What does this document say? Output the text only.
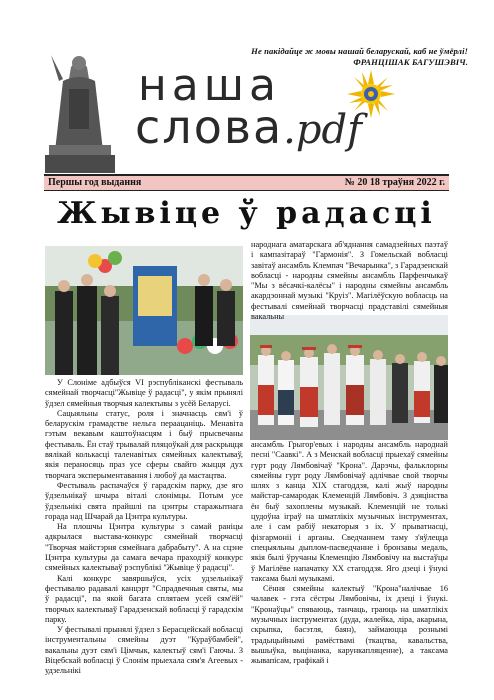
Не пакідайце ж мовы нашай беларускай, каб не ўмёрлі!
ФРАНЦІШАК БАГУШЭВІЧ.
наша
слова.pdf
Першы год выдання	№ 20 18 траўня 2022 г.
Жывіце ў радасці

У Слоніме адбыўся VI рэспубліканскі фестываль сямейнай творчасці"Жывіце ў радасці", у якім прынялі ўдзел сямейныя творчыя калектывы з усёй Беларусі.

Сацыяльны статус, роля і значнасць сям'і ў беларускім грамадстве нельга пераацаніць. Менавіта гэтым векавым каштоўнасцям і быў прысвечаны фестываль. Ён стаў трывалай пляцоўкай для раскрыцця вялікай колькасці таленавітых сямейных калектываў, якія пераносяць праз усе сферы свайго жыцця дух творчага эксперыментавання і любоў да мастацтва.

Фестываль распачаўся ў гарадскім парку, дзе яго ўдзельнікаў шчыра віталі слонімцы. Потым усе ўдзельнікі свята прайшлі па цэнтры старажытнага горада над Шчарай да Цэнтра культуры.

На плошчы Цэнтра культуры з самай раніцы адкрылася выстава-конкурс сямейнай творчасці "Творчая майстэрня сямейнага дабрабыту". А на сцэне Цэнтра культуры да самага вечара праходзіў конкурс сямейных калектываў рэспублікі "Жывіце ў радасці".

Калі конкурс завяршыўся, усіх удзельнікаў фестывалю радавалі канцэрт "Спрадвечныя святы, мы ў радасці", па якой багата сплятаем усей сям'ёй" творчых калектываў Гарадзенскай вобласці ў гарадскім парку.

У фестывалі прынялі ўдзел з Берасцейскай вобласці інструментальны сямейны дуэт "Кураўбамбей", вакальны дуэт сям'і Цімчык, калектыў сям'і Гаючы. З Віцебскай вобласці ў Слонім прыехала сям'я Агеевых - удзельнікі

народнага аматарскага аб'яднання самадзейных паэтаў і кампазітараў "Гармонія". З Гомельскай вобласці завітаў ансамбль Клемпач "Вечарынка", з Гарадзенскай вобласці - народны сямейны ансамбль Парфенчыкаў "Мы з вёсачкі-калёсы" і народны сямейны ансамбль акардэоннай музыкі "Круіз". Магілёўскую вобласць на фестывалі сямейнай творчасці прадставілі сямейныя вакальны

ансамбль Грыгор'евых і народны ансамбль народнай песні "Саавкі". А з Менскай вобласці прыехаў сямейны гурт роду Лямбовічаў "Крона". Дарэчы, фальклорны сямейны гурт роду Лямбовічаў адлічвае свой творчы шлях з канца XIX стагоддзя, калі жыў народны майстар-самародак Клеменцій Лямбовіч. З дзяцінства ён быў захоплены музыкай. Клеменцій не толькі цудоўна іграў на шматлікіх музычных інструментах, але і сам рабіў некаторыя з іх. У прыватнасці, фізгармоніі і арганы. Сведчаннем таму з'яўлецца спецыяльны дыплом-пасведчанне і бронзавы медаль, якія былі ўручаны Клеменцію Лямбовічу на выстаўцы ў Магілёве напачатку XX стагоддзя. Яго дзеці і ўнукі таксама былі музыкамі.

Сёння сямейны калектыў "Крона"налічвае 16 чалавек - гэта сёстры Лямбовічы, іх дзеці і ўнукі. "Кронаўцы" спяваюць, танчаць, граюць на шматлікіх музычных інструментах (дуда, жалейка, ліра, акарына, скрыпка, басэтля, баян), займаюцца рознымі традыцыйнымі рамёствамі (ткацтва, кавальства, вышыўка, выцінанка, карункапляценне), а таксама жывапісам, графікай і
